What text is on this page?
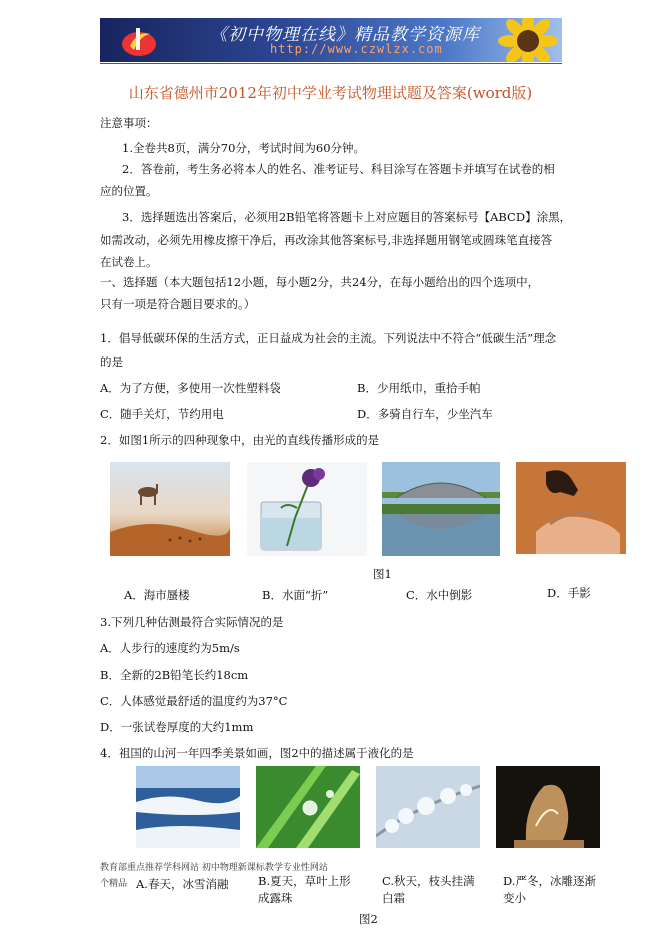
《初中物理在线》精品教学资源库
http://www.czwlzx.com
山东省德州市2012年初中学业考试物理试题及答案(word版)
注意事项：
1.全卷共8页，满分70分，考试时间为60分钟。
2．答卷前，考生务必将本人的姓名、准考证号、科目涂写在答题卡并填写在试卷的相
应的位置。
3．选择题选出答案后，必须用2B铅笔将答题卡上对应题目的答案标号【ABCD】涂黑，
如需改动，必须先用橡皮擦干净后，再改涂其他答案标号,非选择题用钢笔或圆珠笔直接答
在试卷上。
一、选择题（本大题包括12小题，每小题2分，共24分，在每小题给出的四个选项中，
只有一项是符合题目要求的。）
1．倡导低碳环保的生活方式，正日益成为社会的主流。下列说法中不符合“低碳生活”理念
的是
A．为了方便，多使用一次性塑料袋	B．少用纸巾，重拾手帕
C．随手关灯，节约用电	D．多骑自行车，少坐汽车
2．如图1所示的四种现象中，由光的直线传播形成的是
图1
A．海市蜃楼	B．水面“折”	C．水中倒影	D．手影
3.下列几种估测最符合实际情况的是
A．人步行的速度约为5m/s
B．全新的2B铅笔长约18cm
C．人体感觉最舒适的温度约为37°C
D．一张试卷厚度的大约1mm
4．祖国的山河一年四季美景如画，图2中的描述属于液化的是
教育部重点推荐学科网站 初中物理新课标教学专业性网站
个精品 A.春天，冰雪消融	B.夏天，草叶上形
成露珠
C.秋天，枝头挂满
白霜
D.严冬，冰雕逐渐
变小
图2
